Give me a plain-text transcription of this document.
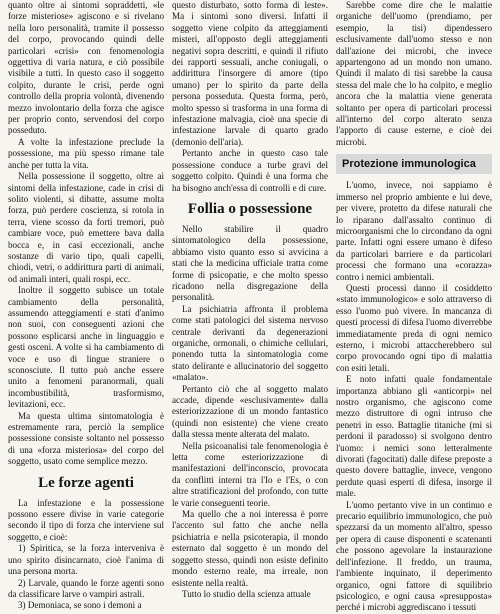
quanto oltre ai sintomi sopraddetti, «le forze misteriose» agiscono e si rivelano nella loro personalità, tramite il possesso del corpo, provocando quindi delle particolari «crisi» con fenomenologia oggettiva di varia natura, e ciò possibile visibile a tutti. In questo caso il soggetto colpito, durante le crisi, perde ogni controllo della propria volontà, divenendo mezzo involontario della forza che agisce per proprio conto, servendosi del corpo posseduto.

A volte la infestazione precludе la possessione, ma più spesso rimane tale anche per tutta la vita.

Nella possessione il soggetto, oltre ai sintomi della infestazione, cade in crisi di solito violenti, si dibatte, assume molta forza, può perdere coscienza, si rotola in terra, viene scosso da forti tremori, può cambiare voce, può emettere bava dalla bocca e, in casi eccezionali, anche sostanze di vario tipo, quali capelli, chiodi, vetri, o addirittura parti di animali, od animali interi, quali rospi, ecc.

Inoltre il soggetto subisce un totale cambiamento della personalità, assumendo atteggiamenti e stati d'animo non suoi, con conseguenti azioni che possono esplicarsi anche in linguaggio e gesti osceni. A volte si ha cambiamento di voce e uso di lingue straniere o sconosciute. Il tutto può anche essere unito a fenomeni paranormali, quali incombustibilità, trasformismo, levitazioni, ecc.

Ma questa ultima sintomatologia è estremamente rara, perciò la semplice possessione consiste soltanto nel possesso di una «forza misteriosa» del corpo del soggetto, usato come semplice mezzo.

Le forze agenti

La infestazione e la possessione possono essere divise in varie categorie secondo il tipo di forza che interviene sul soggetto, e cioè:

1) Spiritica, se la forza interveniva è uno spirito disincarnato, cioè l'anima di una persona morta.

2) Larvale, quando le forze agenti sono da classificare larve o vampiri astrali.

3) Demoniaca, se sono i demoni a

questo disturbato, sotto forma di leste». Ma i sintomi sono diversi. Infatti il soggetto viene colpito da atteggiamenti misteri, all'opposto degli atteggiamenti negativi sopra descritti, e quindi il rifiuto dei rapporti sessuali, anche coniugali, o addirittura l'insorgere di amore (tipo umano) per lo spirito da parte della persona posseduta. Questa forma, però, molto spesso si trasforma in una forma di infestazione malvagia, cioè una specie di infestazione larvale di quarto grado (demonio dell'aria).

Pertanto anche in questo caso tale possessione conduce a turbe gravi del soggetto colpito. Quindi è una forma che ha bisogno anch'essa di controlli e di cure.

Follia o possessione

Nello stabilire il quadro sintomatologico della possessione, abbiamo visto quanto esso si avvicina a stati che la medicina ufficiale tratta come forme di psicopatie, e che molto spesso ricadono nella disgregazione della personalità.

La psichiatria affronta il problema come stati patologici del sistema nervoso centrale derivanti da degenerazioni organiche, ormonali, o chimiche cellulari, ponendo tutta la sintomatologia come stato delirante e allucinatorio del soggetto «malato».

Pertanto ciò che al soggetto malato accade, dipende «esclusivamente» dalla esteriorizzazione di un mondo fantastico (quindi non esistente) che viene creato dalla stessa mente alterata del malato.

Nella psicoanalisi tale fenomenologia è letta come esteriorizzazione di manifestazioni dell'inconscio, provocata da conflitti interni tra l'Io e l'Es, o con altre stratificazioni del profondo, con tutte le varie conseguenti teorie.

Ma quello che a noi interessa è porre l'accento sul fatto che anche nella psichiatria e nella psicoterapia, il mondo esternato dal soggetto è un mondo del soggetto stesso, quindi non esiste definito mondo esterno reale, ma irreale, non esistente nella realtà.

Tutto lo studio della scienza attuale

Sarebbe come dire che le malattie organiche dell'uomo (prendiamo, per esempio, la tisi) dipendessero esclusivamente dall'uomo stesso e non dall'azione dei microbi, che invece appartengono ad un mondo non umano. Quindi il malato di tisi sarebbe la causa stessa del male che lo ha colpito, e meglio ancora che la malattia viene generata soltanto per opera di particolari processi all'interno del corpo alterato senza l'apporto di cause esterne, e cioè dei microbi.

Protezione immunologica

L'uomo, invece, noi sappiamo è immerso nel proprio ambiente e lui deve, per vivere, protetto da difese naturali che lo riparano dall'assalto continuo di microorganismi che lo circondano da ogni parte. Infatti ogni essere umano è difeso da particolari barriere e da particolari processi che formano una «corazza» contro i nemici ambientali.

Questi processi danno il cosiddetto «stato immunologico» e solo attraverso di esso l'uomo può vivere. In mancanza di questi processi di difesa l'uomo diverrebbe immediatamente preda di ogni nemico esterno, i microbi attaccherebbero sul corpo provocando ogni tipo di malattia con esiti letali.

E noto infatti quale fondamentale importanza abbiano gli «anticorpi» nel nostro organismo, che agiscono come mezzo distruttore di ogni intruso che penetri in esso. Battaglie titaniche (mi si perdoni il paradosso) si svolgono dentro l'uomo: i nemici sono letteralmente divorati (fagocitati) dalle difese preposte a questo dovere battaglie, invece, vengono perdute quasi esperti di difesa, insorge il male.

L'uomo pertanto vive in un continuo e precario equilibrio immunologico, che può spezzarsi da un momento all'altro, spesso per opera di cause disponenti e scatenanti che possono agevolare la instaurazione dell'infezione. Il freddo, un trauma, l'ambiente inquinato, il deperimento organico, ogni fattore di squilibrio psicologico, e ogni causa «presupposta» perché i microbi aggrediscano i tessuti
